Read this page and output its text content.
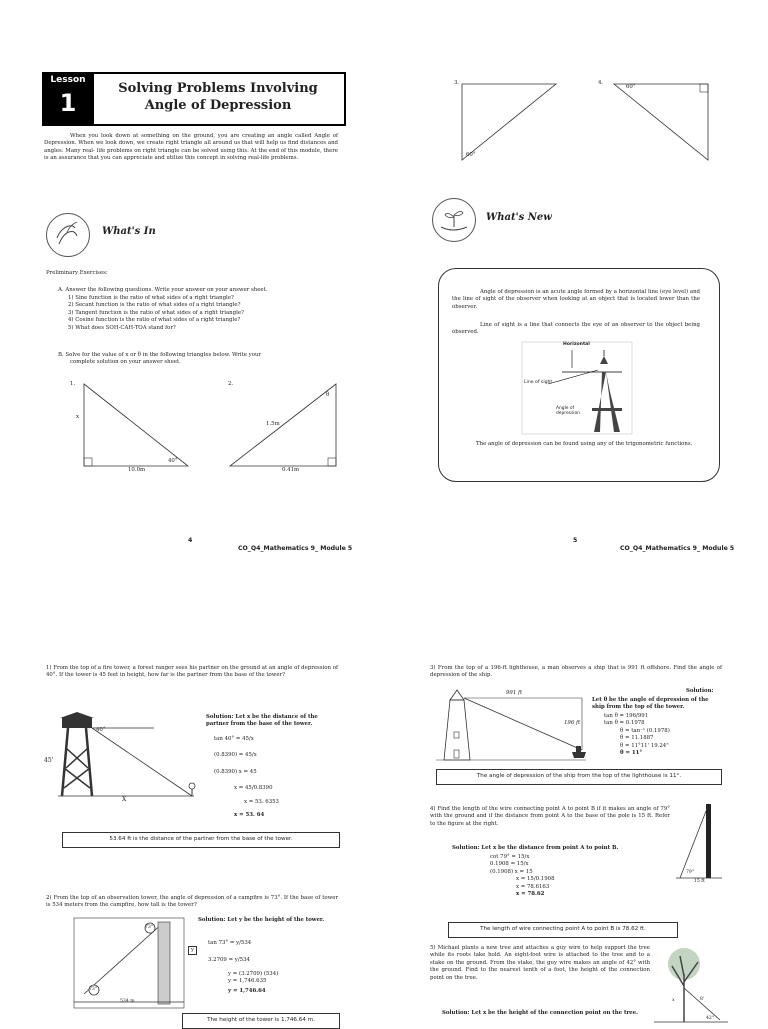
Lesson
1
Solving Problems Involving
Angle of Depression
When you look down at something on the ground, you are creating an angle called Angle of Depression. When we look down, we create right triangle all around us that will help us find distances and angles. Many real- life problems on right triangle can be solved using this. At the end of this module, there is an assurance that you can appreciate and utilize this concept in solving real-life problems.
What's In
Preliminary Exercises:
A. Answer the following questions. Write your answer on your answer sheet.
1) Sine function is the ratio of what sides of a right triangle?
2) Secant function is the ratio of what sides of a right triangle?
3) Tangent function is the ratio of what sides of a right triangle?
4) Cosine function is the ratio of what sides of a right triangle?
5) What does SOH-CAH-TOA stand for?
B. Solve for the value of x or θ in the following triangles below. Write your
complete solution on your answer sheet.
1.
x
40°
10.0m
2.
θ
1.5m
0.41m
4
CO_Q4_Mathematics 9_ Module 5
3.
60°
4.
60°
What's New
Angle of depression is an acute angle formed by a horizontal line (eye level) and the line of sight of the observer when looking at an object that is located lower than the observer.
Line of sight is a line that connects the eye of an observer to the object being observed.
Horizontal
Line of sight
Angle of depression
The angle of depression can be found using any of the trigonometric functions.
5
CO_Q4_Mathematics 9_ Module 5
1) From the top of a fire tower, a forest ranger sees his partner on the ground at an angle of depression of 40°. If the tower is 45 feet in height, how far is the partner from the base of the tower?
40°
45'
X
Solution: Let x be the distance of the partner from the base of the tower.
tan 40° = 45/x
(0.8390) = 45/x
(0.8390) x = 45
x = 45/0.8390
x = 53. 6353
x = 53. 64
53.64 ft is the distance of the partner from the base of the tower.
2) From the top of an observation tower, the angle of depression of a campfire is 73°. If the base of tower is 534 meters from the campfire, how tall is the tower?
73°
73°
534 m
y
Solution: Let y be the height of the tower.
tan 73° = y/534
3.2709 = y/534
y = (3.2709) (534)
y = 1,746.635
y = 1,746.64
The height of the tower is 1,746.64 m.
3) From the top of a 196-ft lighthouse, a man observes a ship that is 991 ft offshore. Find the angle of depression of the ship.
991 ft
196 ft
Solution:
Let θ be the angle of depression of the ship from the top of the tower.
tan θ = 196/991
tan θ = 0.1978
θ = tan⁻¹ (0.1978)
θ = 11.1887
θ = 11°11' 19.24"
θ = 11°
The angle of depression of the ship from the top of the lighthouse is 11°.
4) Find the length of the wire connecting point A to point B if it makes an angle of 79° with the ground and if the distance from point A to the base of the pole is 15 ft. Refer to the figure at the right.
Solution: Let x be the distance from point A to point B.
cot 79° = 15/x
0.1908 = 15/x
(0.1908) x = 15
x = 15/0.1908
x = 78.6163
x = 78.62
79°
15 ft
The length of wire connecting point A to point B is 78.62 ft.
5) Michael plants a new tree and attaches a guy wire to help support the tree while its roots take hold. An eight-foot wire is attached to the tree and to a stake on the ground. From the stake, the guy wire makes an angle of 42° with the ground. Find to the nearest tenth of a foot, the height of the connection point on the tree.
Solution: Let x be the height of the connection point on the tree.
x	8'
42°
